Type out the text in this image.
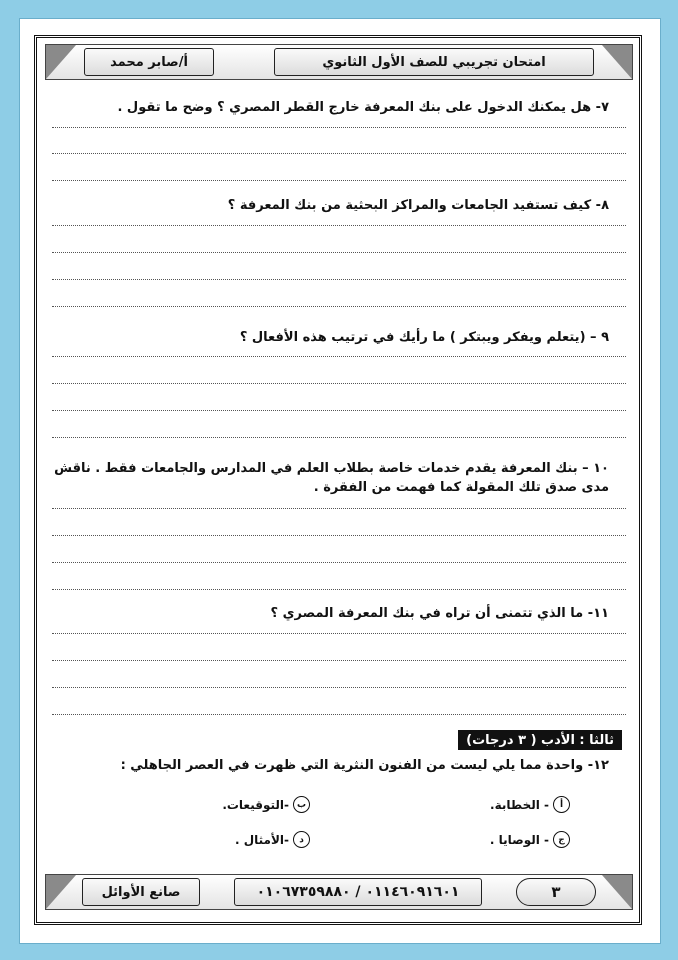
امتحان تجريبي للصف الأول الثانوي
أ/صابر محمد
٧- هل يمكنك الدخول على بنك المعرفة خارج القطر المصري ؟ وضح ما تقول .
٨- كيف تستفيد الجامعات والمراكز البحثية من بنك المعرفة ؟
٩ – (يتعلم ويفكر ويبتكر ) ما رأيك في ترتيب هذه الأفعال ؟
١٠ – بنك المعرفة يقدم خدمات خاصة بطلاب العلم في المدارس والجامعات فقط . ناقش مدى صدق تلك المقولة كما فهمت من الفقرة .
١١- ما الذي تتمنى أن تراه في بنك المعرفة المصري ؟
ثالثا : الأدب ( ٣ درجات)
١٢- واحدة مما يلي ليست من الفنون النثرية التي ظهرت في العصر الجاهلي :
أ
- الخطابة.
ب
-التوقيعات.
ج
- الوصايا .
د
-الأمثال .
٣
٠١١٤٦٠٩١٦٠١ / ٠١٠٦٧٣٥٩٨٨٠
صانع الأوائل
